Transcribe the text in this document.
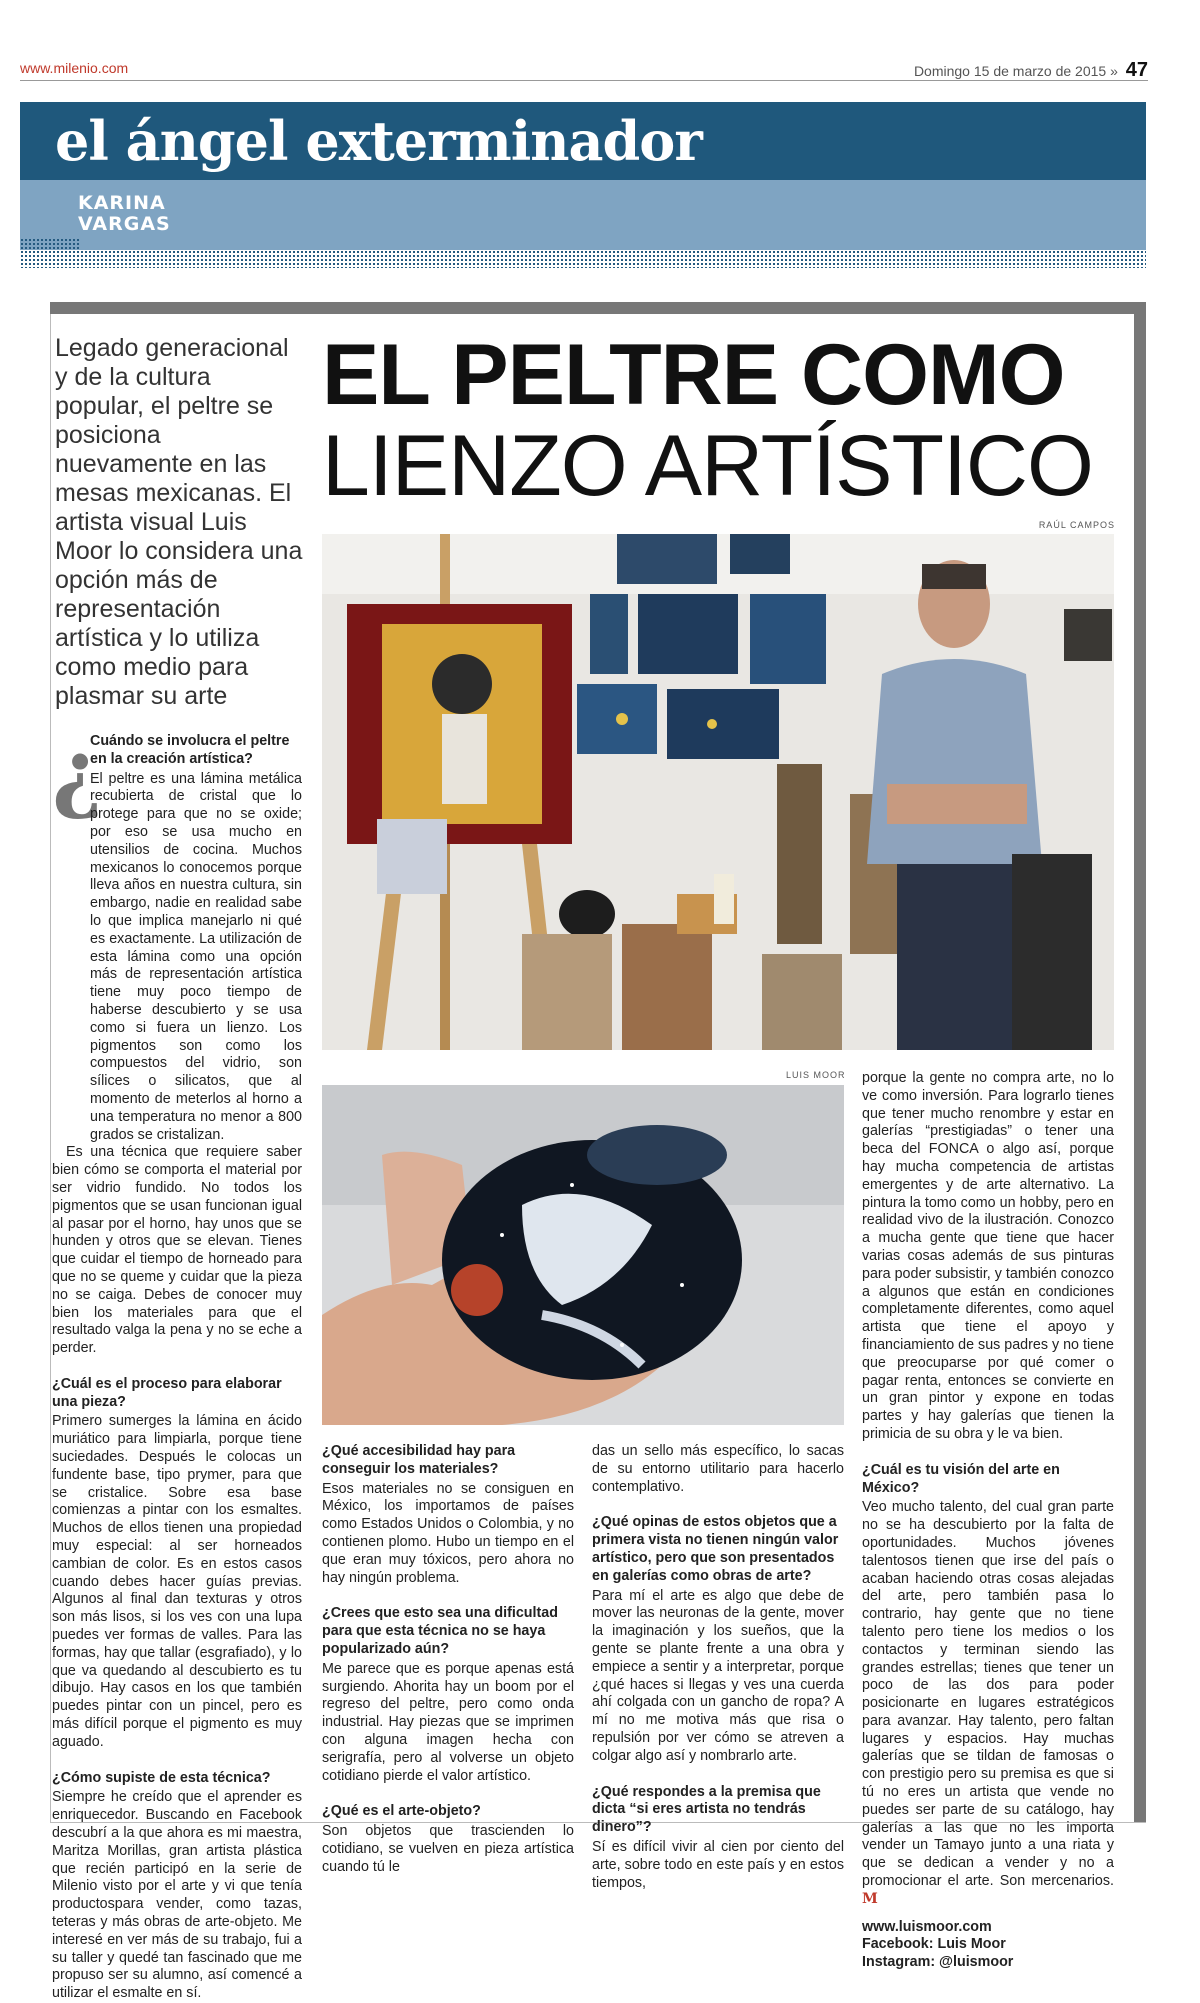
www.milenio.com	Domingo 15 de marzo de 2015 » 47
el ángel exterminador
KARINA VARGAS
Legado generacional y de la cultura popular, el peltre se posiciona nuevamente en las mesas mexicanas. El artista visual Luis Moor lo considera una opción más de representación artística y lo utiliza como medio para plasmar su arte
EL PELTRE COMO
LIENZO ARTÍSTICO
RAÚL CAMPOS
LUIS MOOR
¿

Cuándo se involucra el peltre en la creación artística?

El peltre es una lámina metálica recubierta de cristal que lo protege para que no se oxide; por eso se usa mucho en utensilios de cocina. Muchos mexicanos lo conocemos porque lleva años en nuestra cultura, sin embargo, nadie en realidad sabe lo que implica manejarlo ni qué es exactamente. La utilización de esta lámina como una opción más de representación artística tiene muy poco tiempo de haberse descubierto y se usa como si fuera un lienzo. Los pigmentos son como los compuestos del vidrio, son sílices o silicatos, que al momento de meterlos al horno a una temperatura no menor a 800 grados se cristalizan.

Es una técnica que requiere saber bien cómo se comporta el material por ser vidrio fundido. No todos los pigmentos que se usan funcionan igual al pasar por el horno, hay unos que se hunden y otros que se elevan. Tienes que cuidar el tiempo de horneado para que no se queme y cuidar que la pieza no se caiga. Debes de conocer muy bien los materiales para que el resultado valga la pena y no se eche a perder.

¿Cuál es el proceso para elaborar una pieza?

Primero sumerges la lámina en ácido muriático para limpiarla, porque tiene suciedades. Después le colocas un fundente base, tipo prymer, para que se cristalice. Sobre esa base comienzas a pintar con los esmaltes. Muchos de ellos tienen una propiedad muy especial: al ser horneados cambian de color. Es en estos casos cuando debes hacer guías previas. Algunos al final dan texturas y otros son más lisos, si los ves con una lupa puedes ver formas de valles. Para las formas, hay que tallar (esgrafiado), y lo que va quedando al descubierto es tu dibujo. Hay casos en los que también puedes pintar con un pincel, pero es más difícil porque el pigmento es muy aguado.

¿Cómo supiste de esta técnica?

Siempre he creído que el aprender es enriquecedor. Buscando en Facebook descubrí a la que ahora es mi maestra, Maritza Morillas, gran artista plástica que recién participó en la serie de Milenio visto por el arte y vi que tenía productospara vender, como tazas, teteras y más obras de arte-objeto. Me interesé en ver más de su trabajo, fui a su taller y quedé tan fascinado que me propuso ser su alumno, así comencé a utilizar el esmalte en sí.

¿Qué accesibilidad hay para conseguir los materiales?

Esos materiales no se consiguen en México, los importamos de países como Estados Unidos o Colombia, y no contienen plomo. Hubo un tiempo en el que eran muy tóxicos, pero ahora no hay ningún problema.

¿Crees que esto sea una dificultad para que esta técnica no se haya popularizado aún?

Me parece que es porque apenas está surgiendo. Ahorita hay un boom por el regreso del peltre, pero como onda industrial. Hay piezas que se imprimen con alguna imagen hecha con serigrafía, pero al volverse un objeto cotidiano pierde el valor artístico.

¿Qué es el arte-objeto?

Son objetos que trascienden lo cotidiano, se vuelven en pieza artística cuando tú le

das un sello más específico, lo sacas de su entorno utilitario para hacerlo contemplativo.

¿Qué opinas de estos objetos que a primera vista no tienen ningún valor artístico, pero que son presentados en galerías como obras de arte?

Para mí el arte es algo que debe de mover las neuronas de la gente, mover la imaginación y los sueños, que la gente se plante frente a una obra y empiece a sentir y a interpretar, porque ¿qué haces si llegas y ves una cuerda ahí colgada con un gancho de ropa? A mí no me motiva más que risa o repulsión por ver cómo se atreven a colgar algo así y nombrarlo arte.

¿Qué respondes a la premisa que dicta “si eres artista no tendrás dinero”?

Sí es difícil vivir al cien por ciento del arte, sobre todo en este país y en estos tiempos,

porque la gente no compra arte, no lo ve como inversión. Para lograrlo tienes que tener mucho renombre y estar en galerías “prestigiadas” o tener una beca del FONCA o algo así, porque hay mucha competencia de artistas emergentes y de arte alternativo. La pintura la tomo como un hobby, pero en realidad vivo de la ilustración. Conozco a mucha gente que tiene que hacer varias cosas además de sus pinturas para poder subsistir, y también conozco a algunos que están en condiciones completamente diferentes, como aquel artista que tiene el apoyo y financiamiento de sus padres y no tiene que preocuparse por qué comer o pagar renta, entonces se convierte en un gran pintor y expone en todas partes y hay galerías que tienen la primicia de su obra y le va bien.

¿Cuál es tu visión del arte en México?

Veo mucho talento, del cual gran parte no se ha descubierto por la falta de oportunidades. Muchos jóvenes talentosos tienen que irse del país o acaban haciendo otras cosas alejadas del arte, pero también pasa lo contrario, hay gente que no tiene talento pero tiene los medios o los contactos y terminan siendo las grandes estrellas; tienes que tener un poco de las dos para poder posicionarte en lugares estratégicos para avanzar. Hay talento, pero faltan lugares y espacios. Hay muchas galerías que se tildan de famosas o con prestigio pero su premisa es que si tú no eres un artista que vende no puedes ser parte de su catálogo, hay galerías a las que no les importa vender un Tamayo junto a una riata y que se dedican a vender y no a promocionar el arte. Son mercenarios. M

www.luismoor.com
Facebook: Luis Moor
Instagram: @luismoor
